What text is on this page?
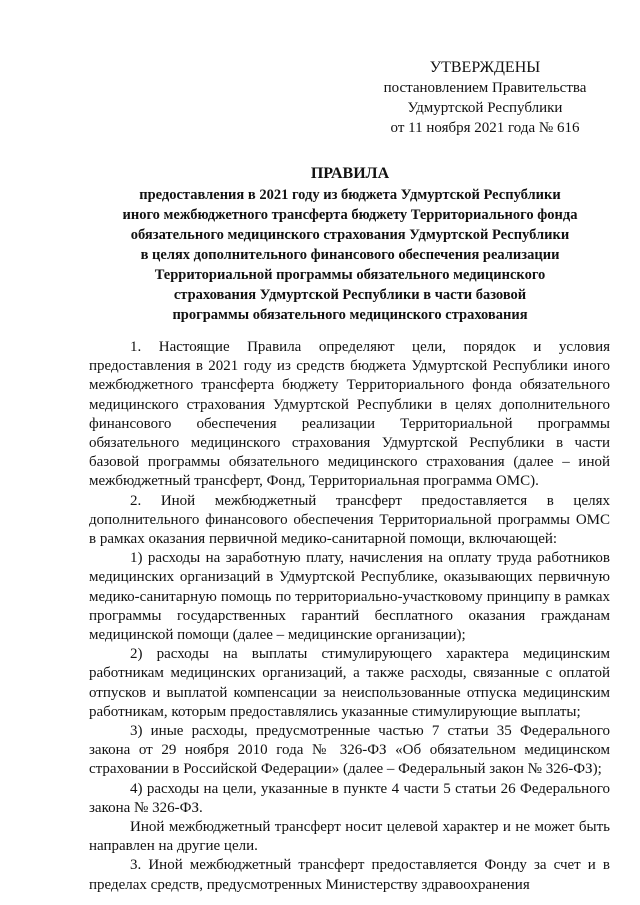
УТВЕРЖДЕНЫ
постановлением Правительства
Удмуртской Республики
от 11 ноября 2021 года № 616
ПРАВИЛА
предоставления в 2021 году из бюджета Удмуртской Республики
иного межбюджетного трансферта бюджету Территориального фонда
обязательного медицинского страхования Удмуртской Республики
в целях дополнительного финансового обеспечения реализации
Территориальной программы обязательного медицинского
страхования Удмуртской Республики в части базовой
программы обязательного медицинского страхования

1. Настоящие Правила определяют цели, порядок и условия предоставления в 2021 году из средств бюджета Удмуртской Республики иного межбюджетного трансферта бюджету Территориального фонда обязательного медицинского страхования Удмуртской Республики в целях дополнительного финансового обеспечения реализации Территориальной программы обязательного медицинского страхования Удмуртской Республики в части базовой программы обязательного медицинского страхования (далее – иной межбюджетный трансферт, Фонд, Территориальная программа ОМС).

2. Иной межбюджетный трансферт предоставляется в целях дополнительного финансового обеспечения Территориальной программы ОМС в рамках оказания первичной медико-санитарной помощи, включающей:

1) расходы на заработную плату, начисления на оплату труда работников медицинских организаций в Удмуртской Республике, оказывающих первичную медико-санитарную помощь по территориально-участковому принципу в рамках программы государственных гарантий бесплатного оказания гражданам медицинской помощи (далее – медицинские организации);

2) расходы на выплаты стимулирующего характера медицинским работникам медицинских организаций, а также расходы, связанные с оплатой отпусков и выплатой компенсации за неиспользованные отпуска медицинским работникам, которым предоставлялись указанные стимулирующие выплаты;

3) иные расходы, предусмотренные частью 7 статьи 35 Федерального закона от 29 ноября 2010 года № 326-ФЗ «Об обязательном медицинском страховании в Российской Федерации» (далее – Федеральный закон № 326-ФЗ);

4) расходы на цели, указанные в пункте 4 части 5 статьи 26 Федерального закона № 326-ФЗ.

Иной межбюджетный трансферт носит целевой характер и не может быть направлен на другие цели.

3. Иной межбюджетный трансферт предоставляется Фонду за счет и в пределах средств, предусмотренных Министерству здравоохранения
